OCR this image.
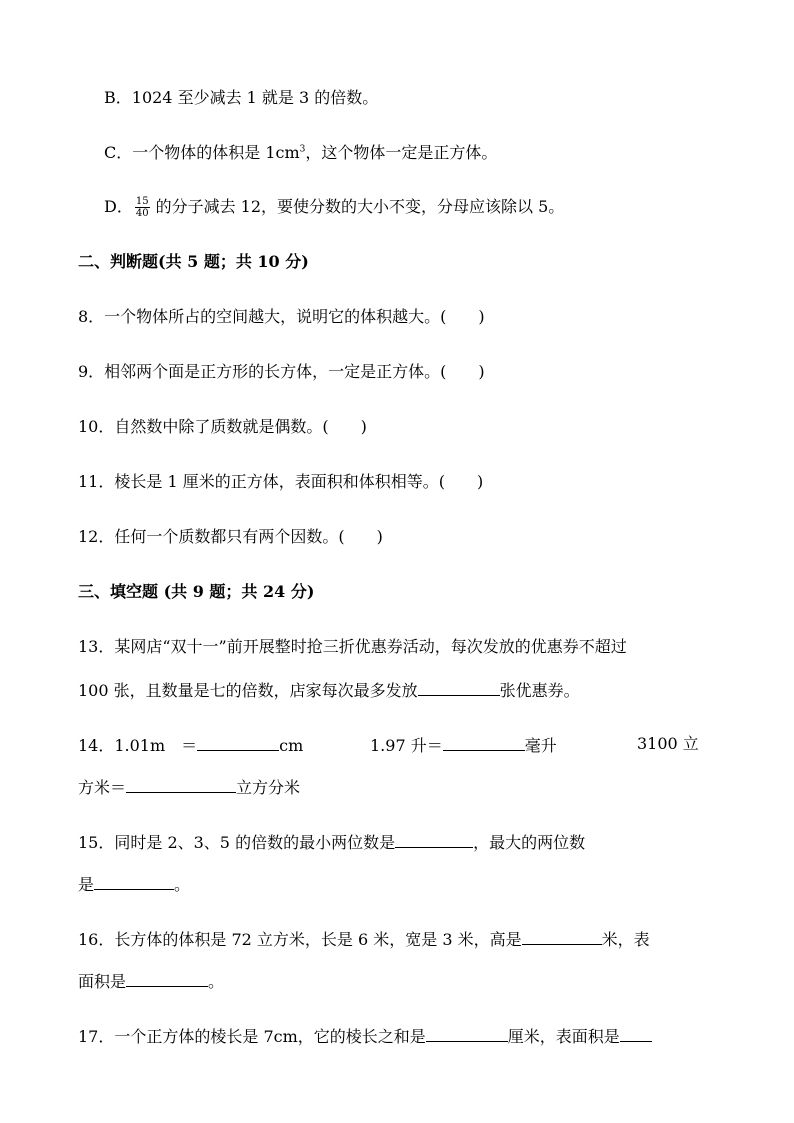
B．1024 至少减去 1 就是 3 的倍数。
C．一个物体的体积是 $1cm^3$，这个物体一定是正方体。
D． $\frac{15}{40}$ 的分子减去 12，要使分数的大小不变，分母应该除以 5。
二、判断题(共 5 题；共 10 分)
8．一个物体所占的空间越大，说明它的体积越大。(　　)
9．相邻两个面是正方形的长方体，一定是正方体。(　　)
10．自然数中除了质数就是偶数。(　　)
11．棱长是 1 厘米的正方体，表面积和体积相等。(　　)
12．任何一个质数都只有两个因数。(　　)
三、填空题 (共 9 题；共 24 分)
13．某网店“双十一”前开展整时抢三折优惠券活动，每次发放的优惠券不超过
100 张，且数量是七的倍数，店家每次最多发放	张优惠券。
14．1.01m　＝	cm	1.97 升＝	毫升	3100 立
方米＝	立方分米
15．同时是 2、3、5 的倍数的最小两位数是	，最大的两位数
是	。
16．长方体的体积是 72 立方米，长是 6 米，宽是 3 米，高是	米，表
面积是	。
17．一个正方体的棱长是 7cm，它的棱长之和是	厘米，表面积是
